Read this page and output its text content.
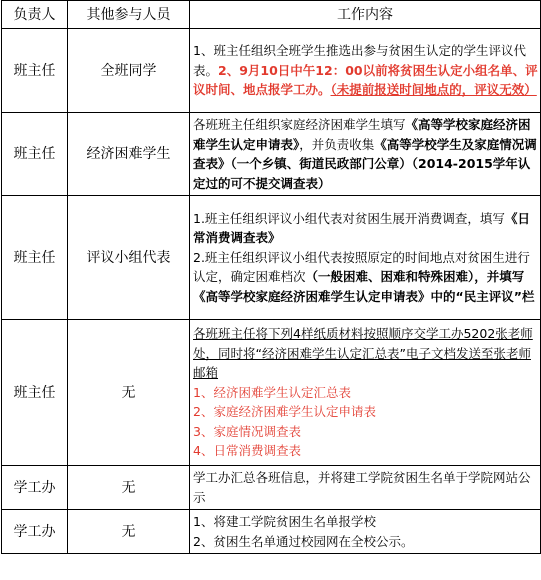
负责人	其他参与人员	工作内容
班主任	全班同学	1、班主任组织全班学生推选出参与贫困生认定的学生评议代表。2、9月10日中午12：00以前将贫困生认定小组名单、评议时间、地点报学工办。（未提前报送时间地点的，评议无效）
班主任	经济困难学生	各班班主任组织家庭经济困难学生填写《高等学校家庭经济困难学生认定申请表》，并负责收集《高等学校学生及家庭情况调查表》（一个乡镇、街道民政部门公章）（2014-2015学年认定过的可不提交调查表）
班主任	评议小组代表	1.班主任组织评议小组代表对贫困生展开消费调查，填写《日常消费调查表》
2.班主任组织评议小组代表按照原定的时间地点对贫困生进行认定，确定困难档次（一般困难、困难和特殊困难），并填写《高等学校家庭经济困难学生认定申请表》中的“民主评议”栏
班主任	无	各班班主任将下列4样纸质材料按照顺序交学工办5202张老师处，同时将“经济困难学生认定汇总表”电子文档发送至张老师邮箱
1、经济困难学生认定汇总表
2、家庭经济困难学生认定申请表
3、家庭情况调查表
4、日常消费调查表

学工办	无	学工办汇总各班信息，并将建工学院贫困生名单于学院网站公示
学工办	无	1、将建工学院贫困生名单报学校
2、贫困生名单通过校园网在全校公示。
